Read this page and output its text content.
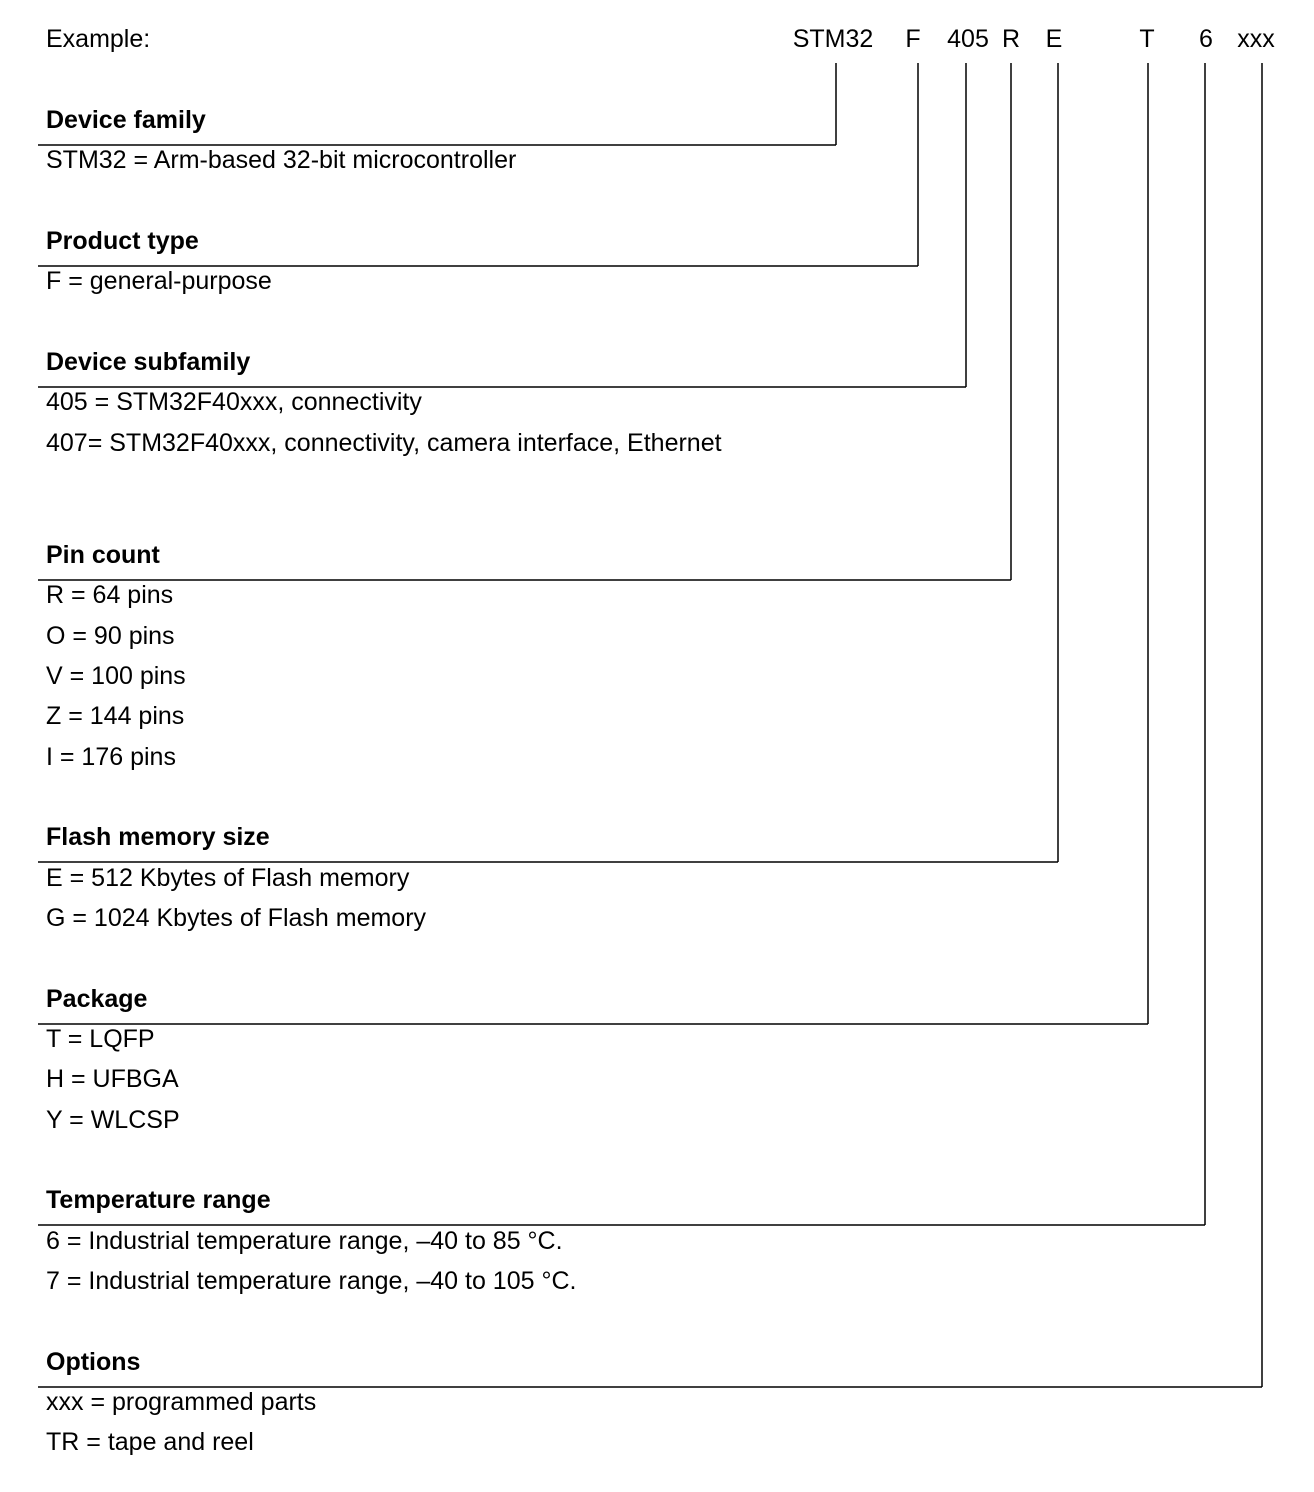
Example:	STM32 F 405 R E	T 6 xxx
Device family
STM32 = Arm-based 32-bit microcontroller
Product type
F = general-purpose
Device subfamily
405 = STM32F40xxx, connectivity
407= STM32F40xxx, connectivity, camera interface, Ethernet
Pin count
R = 64 pins
O = 90 pins
V = 100 pins
Z = 144 pins
I = 176 pins
Flash memory size
E = 512 Kbytes of Flash memory
G = 1024 Kbytes of Flash memory
Package
T = LQFP
H = UFBGA
Y = WLCSP
Temperature range
6 = Industrial temperature range, –40 to 85 °C.
7 = Industrial temperature range, –40 to 105 °C.
Options
xxx = programmed parts
TR = tape and reel
